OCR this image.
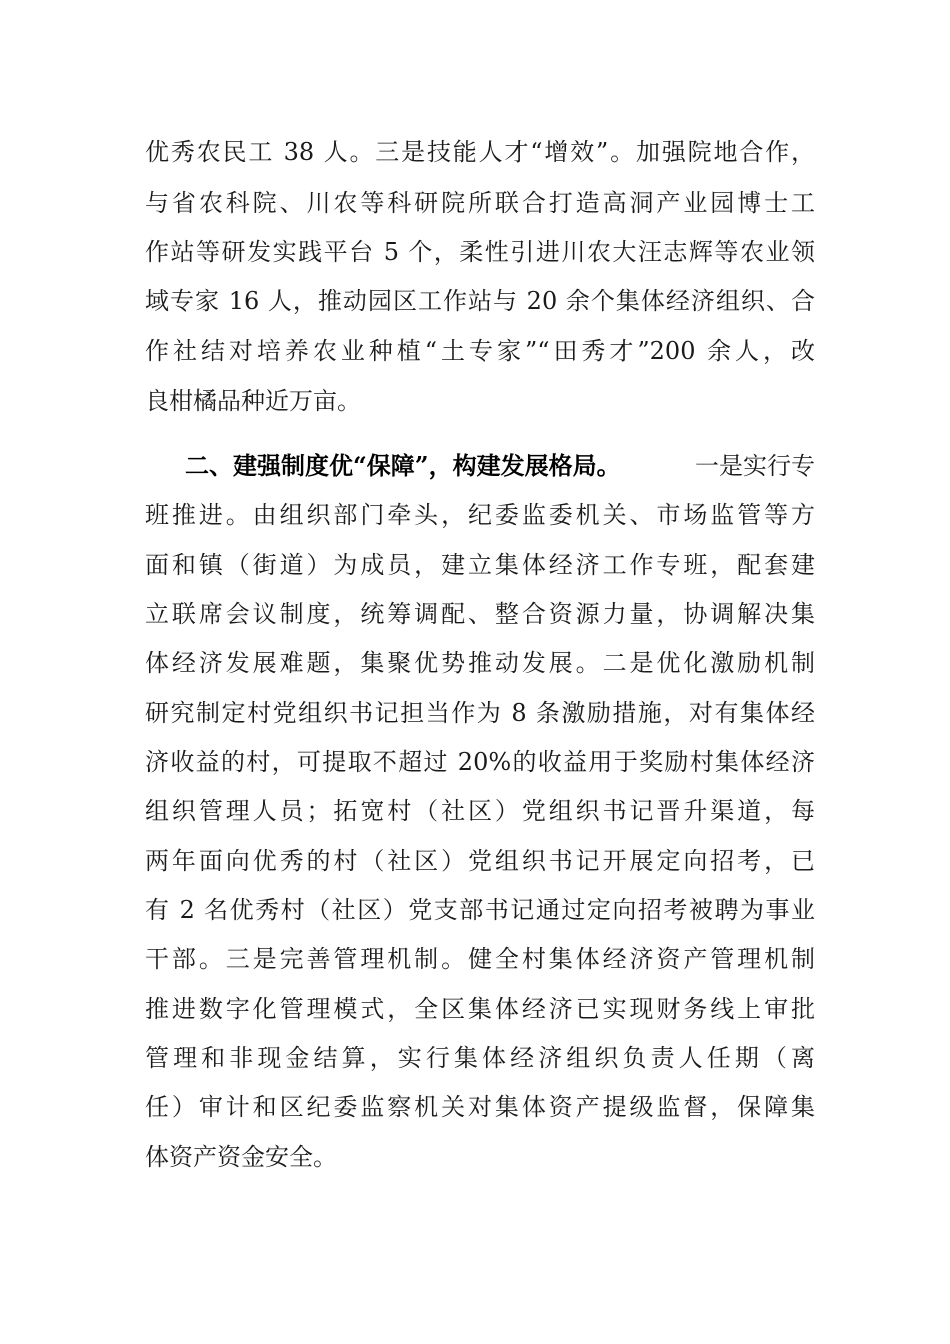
优秀农民工 38 人。三是技能人才“增效”。加强院地合作，
与省农科院、川农等科研院所联合打造高洞产业园博士工
作站等研发实践平台 5 个，柔性引进川农大汪志辉等农业领
域专家 16 人，推动园区工作站与 20 余个集体经济组织、合
作社结对培养农业种植“土专家”“田秀才”200 余人，改
良柑橘品种近万亩。
二、建强制度优“保障”，构建发展格局。	一是实行专
班推进。由组织部门牵头，纪委监委机关、市场监管等方
面和镇（街道）为成员，建立集体经济工作专班，配套建
立联席会议制度，统筹调配、整合资源力量，协调解决集
体经济发展难题，集聚优势推动发展。二是优化激励机制
研究制定村党组织书记担当作为 8 条激励措施，对有集体经
济收益的村，可提取不超过 20%的收益用于奖励村集体经济
组织管理人员；拓宽村（社区）党组织书记晋升渠道，每
两年面向优秀的村（社区）党组织书记开展定向招考，已
有 2 名优秀村（社区）党支部书记通过定向招考被聘为事业
干部。三是完善管理机制。健全村集体经济资产管理机制
推进数字化管理模式，全区集体经济已实现财务线上审批
管理和非现金结算，实行集体经济组织负责人任期（离
任）审计和区纪委监察机关对集体资产提级监督，保障集
体资产资金安全。
